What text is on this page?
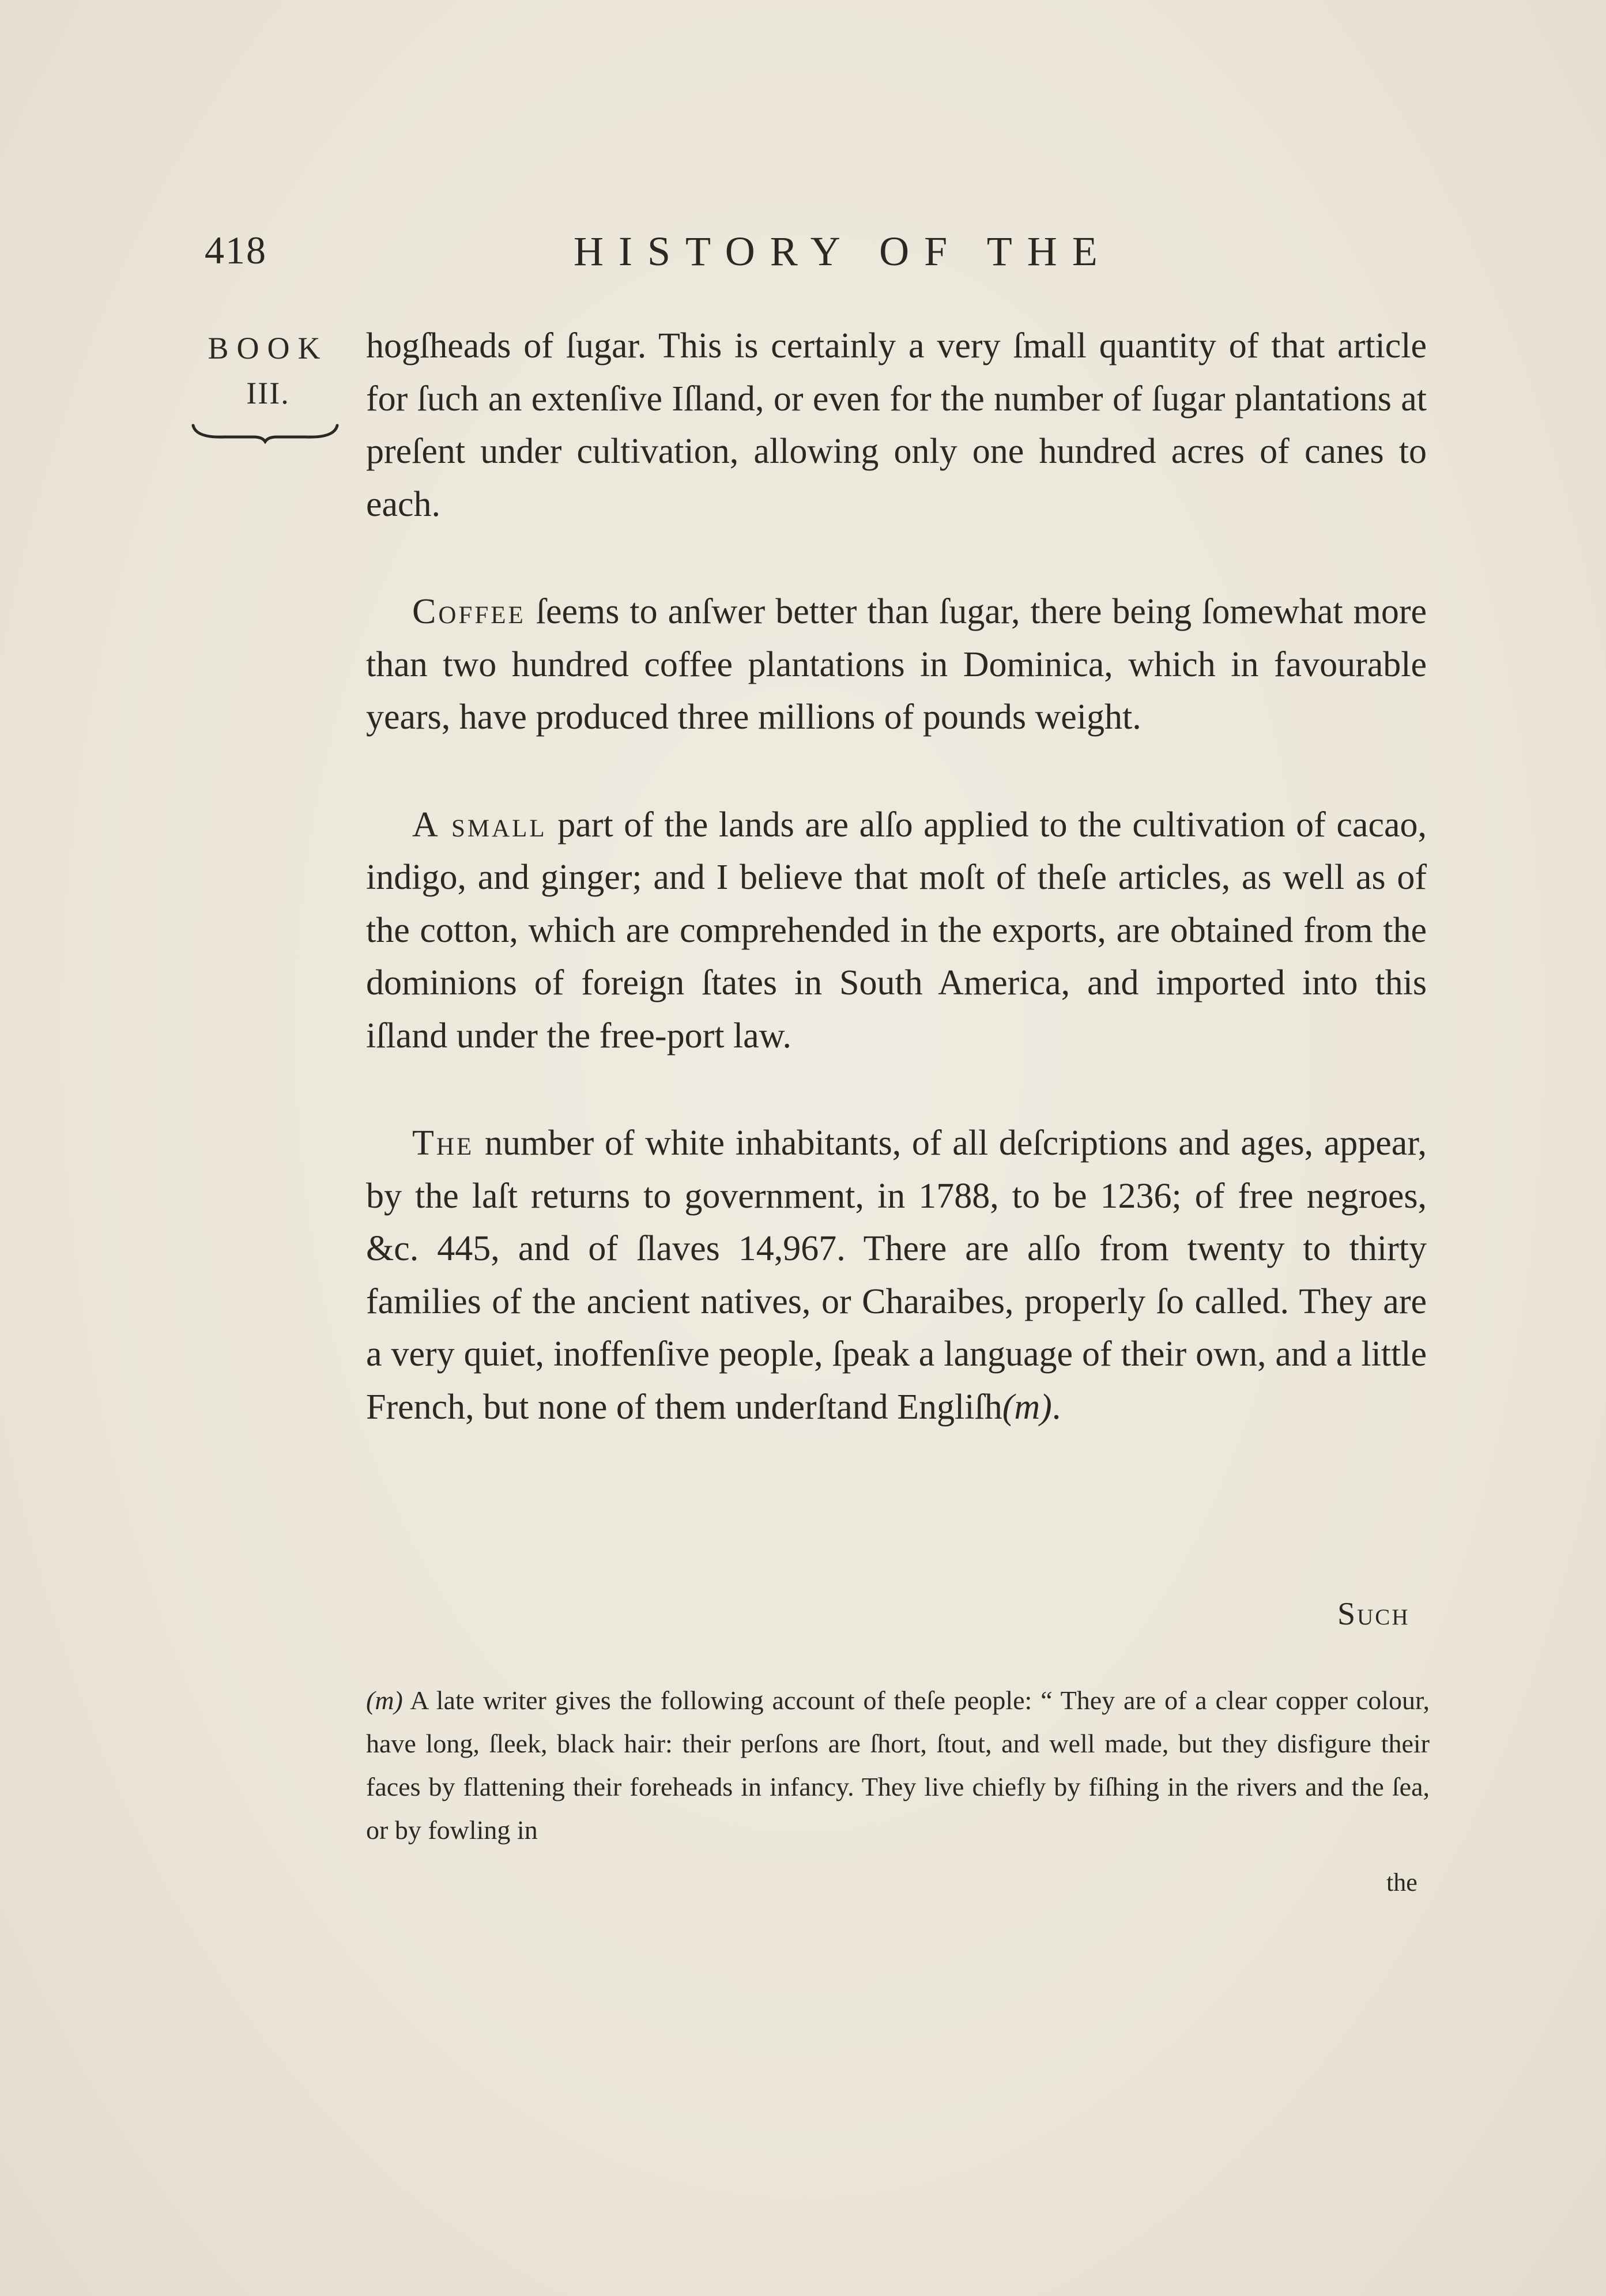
418	HISTORY OF THE
BOOK
III.

hogſheads of ſugar. This is certainly a very ſmall quantity of that article for ſuch an extenſive Iſland, or even for the number of ſugar plantations at preſent under cultivation, allowing only one hundred acres of canes to each.

Coffee ſeems to anſwer better than ſugar, there being ſomewhat more than two hundred coffee plantations in Dominica, which in favourable years, have produced three millions of pounds weight.

A small part of the lands are alſo applied to the cultivation of cacao, indigo, and ginger; and I believe that moſt of theſe articles, as well as of the cotton, which are comprehended in the exports, are obtained from the dominions of foreign ſtates in South America, and imported into this iſland under the free-port law.

The number of white inhabitants, of all deſcriptions and ages, appear, by the laſt returns to government, in 1788, to be 1236; of free negroes, &c. 445, and of ſlaves 14,967. There are alſo from twenty to thirty families of the ancient natives, or Charaibes, properly ſo called. They are a very quiet, inoffenſive people, ſpeak a language of their own, and a little French, but none of them underſtand Engliſh(m).

Such

(m) A late writer gives the following account of theſe people: “ They are of a clear copper colour, have long, ſleek, black hair: their perſons are ſhort, ſtout, and well made, but they disfigure their faces by flattening their foreheads in infancy. They live chiefly by fiſhing in the rivers and the ſea, or by fowling in

the
